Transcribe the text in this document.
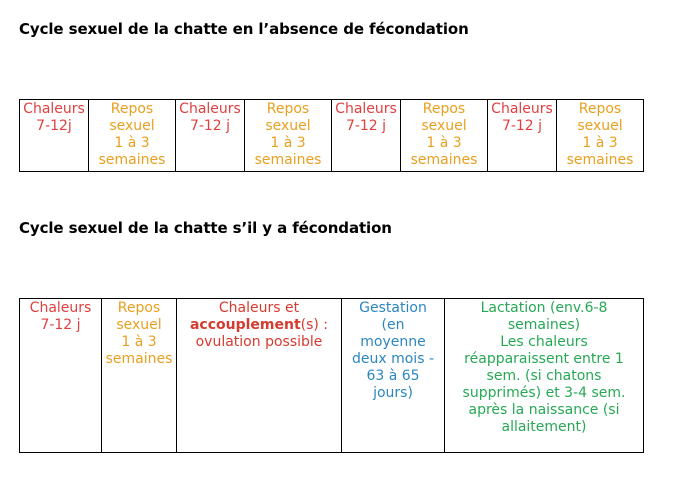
Cycle sexuel de la chatte en l’absence de fécondation

Chaleurs
7-12j

Repos
sexuel
1 à 3
semaines

Chaleurs
7-12 j

Repos
sexuel
1 à 3
semaines

Chaleurs
7-12 j

Repos
sexuel
1 à 3
semaines

Chaleurs
7-12 j

Repos
sexuel
1 à 3
semaines

Cycle sexuel de la chatte s’il y a fécondation

Chaleurs
7-12 j

Repos
sexuel
1 à 3
semaines

Chaleurs et
accouplement(s) :
ovulation possible

Gestation
(en
moyenne
deux mois -
63 à 65
jours)

Lactation (env.6-8
semaines)
Les chaleurs
réapparaissent entre 1
sem. (si chatons
supprimés) et 3-4 sem.
après la naissance (si
allaitement)
